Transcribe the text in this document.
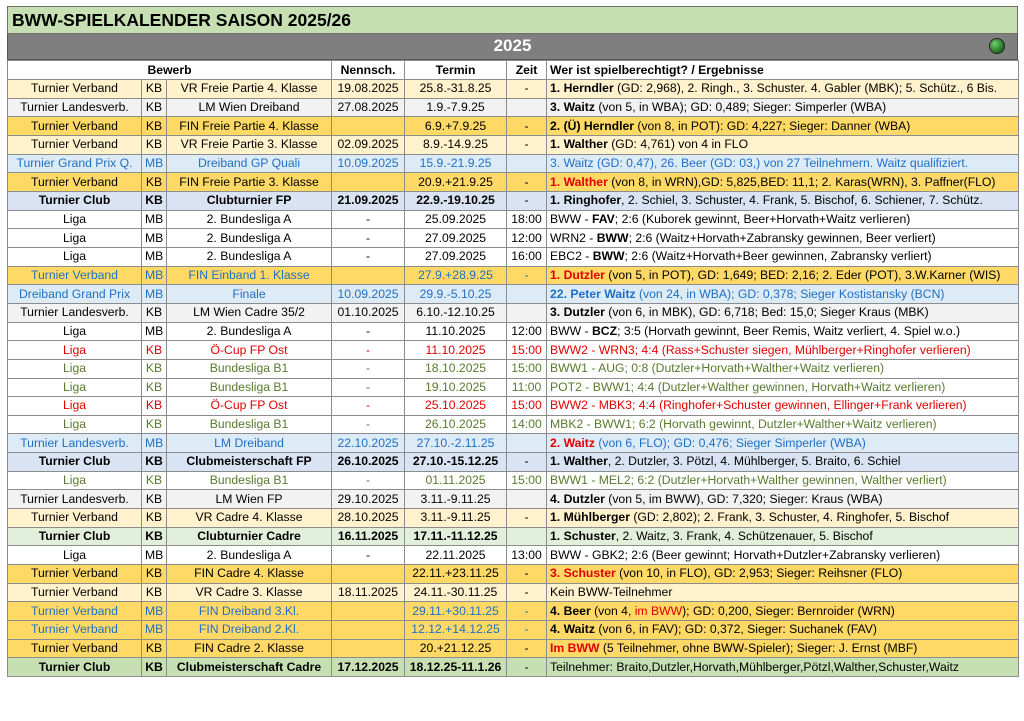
BWW-SPIELKALENDER SAISON 2025/26
2025
Bewerb			Nennsch.	Termin	Zeit	Wer ist spielberechtigt? / Ergebnisse
Turnier Verband	KB	VR Freie Partie 4. Klasse	19.08.2025	25.8.-31.8.25	-	1. Herndler (GD: 2,968), 2. Ringh., 3. Schuster. 4. Gabler (MBK); 5. Schütz., 6 Bis.
Turnier Landesverb.	KB	LM Wien Dreiband	27.08.2025	1.9.-7.9.25		3. Waitz (von 5, in WBA); GD: 0,489; Sieger: Simperler (WBA)
Turnier Verband	KB	FIN Freie Partie 4. Klasse		6.9.+7.9.25	-	2. (Ü) Herndler (von 8, in POT): GD: 4,227; Sieger: Danner (WBA)
Turnier Verband	KB	VR Freie Partie 3. Klasse	02.09.2025	8.9.-14.9.25	-	1. Walther (GD: 4,761) von 4 in FLO
Turnier Grand Prix Q.	MB	Dreiband GP Quali	10.09.2025	15.9.-21.9.25		3. Waitz (GD: 0,47), 26. Beer (GD: 03,) von 27 Teilnehmern. Waitz qualifiziert.
Turnier Verband	KB	FIN Freie Partie 3. Klasse		20.9.+21.9.25	-	1. Walther (von 8, in WRN),GD: 5,825,BED: 11,1; 2. Karas(WRN), 3. Paffner(FLO)
Turnier Club	KB	Clubturnier FP	21.09.2025	22.9.-19.10.25	-	1. Ringhofer, 2. Schiel, 3. Schuster, 4. Frank, 5. Bischof, 6. Schiener, 7. Schütz.
Liga	MB	2. Bundesliga A	-	25.09.2025	18:00	BWW - FAV; 2:6 (Kuborek gewinnt, Beer+Horvath+Waitz verlieren)
Liga	MB	2. Bundesliga A	-	27.09.2025	12:00	WRN2 - BWW; 2:6 (Waitz+Horvath+Zabransky gewinnen, Beer verliert)
Liga	MB	2. Bundesliga A	-	27.09.2025	16:00	EBC2 - BWW; 2:6 (Waitz+Horvath+Beer gewinnen, Zabransky verliert)
Turnier Verband	MB	FIN Einband 1. Klasse		27.9.+28.9.25	-	1. Dutzler (von 5, in POT), GD: 1,649; BED: 2,16; 2. Eder (POT), 3.W.Karner (WIS)
Dreiband Grand Prix	MB	Finale	10.09.2025	29.9.-5.10.25		22. Peter Waitz (von 24, in WBA); GD: 0,378; Sieger Kostistansky (BCN)
Turnier Landesverb.	KB	LM Wien Cadre 35/2	01.10.2025	6.10.-12.10.25		3. Dutzler (von 6, in MBK), GD: 6,718; Bed: 15,0; Sieger Kraus (MBK)
Liga	MB	2. Bundesliga A	-	11.10.2025	12:00	BWW - BCZ; 3:5 (Horvath gewinnt, Beer Remis, Waitz verliert, 4. Spiel w.o.)
Liga	KB	Ö-Cup FP Ost	-	11.10.2025	15:00	BWW2 - WRN3; 4:4 (Rass+Schuster siegen, Mühlberger+Ringhofer verlieren)
Liga	KB	Bundesliga B1	-	18.10.2025	15:00	BWW1 - AUG; 0:8 (Dutzler+Horvath+Walther+Waitz verlieren)
Liga	KB	Bundesliga B1	-	19.10.2025	11:00	POT2 - BWW1; 4:4 (Dutzler+Walther gewinnen, Horvath+Waitz verlieren)
Liga	KB	Ö-Cup FP Ost	-	25.10.2025	15:00	BWW2 - MBK3; 4:4 (Ringhofer+Schuster gewinnen, Ellinger+Frank verlieren)
Liga	KB	Bundesliga B1	-	26.10.2025	14:00	MBK2 - BWW1; 6:2 (Horvath gewinnt, Dutzler+Walther+Waitz verlieren)
Turnier Landesverb.	MB	LM Dreiband	22.10.2025	27.10.-2.11.25		2. Waitz (von 6, FLO); GD: 0,476; Sieger Simperler (WBA)
Turnier Club	KB	Clubmeisterschaft FP	26.10.2025	27.10.-15.12.25	-	1. Walther, 2. Dutzler, 3. Pötzl, 4. Mühlberger, 5. Braito, 6. Schiel
Liga	KB	Bundesliga B1	-	01.11.2025	15:00	BWW1 - MEL2; 6:2 (Dutzler+Horvath+Walther gewinnen, Walther verliert)
Turnier Landesverb.	KB	LM Wien FP	29.10.2025	3.11.-9.11.25		4. Dutzler (von 5, im BWW), GD: 7,320; Sieger: Kraus (WBA)
Turnier Verband	KB	VR Cadre 4. Klasse	28.10.2025	3.11.-9.11.25	-	1. Mühlberger (GD: 2,802); 2. Frank, 3. Schuster, 4. Ringhofer, 5. Bischof
Turnier Club	KB	Clubturnier Cadre	16.11.2025	17.11.-11.12.25		1. Schuster, 2. Waitz, 3. Frank, 4. Schützenauer, 5. Bischof
Liga	MB	2. Bundesliga A	-	22.11.2025	13:00	BWW - GBK2; 2:6 (Beer gewinnt; Horvath+Dutzler+Zabransky verlieren)
Turnier Verband	KB	FIN Cadre 4. Klasse		22.11.+23.11.25	-	3. Schuster (von 10, in FLO), GD: 2,953; Sieger: Reihsner (FLO)
Turnier Verband	KB	VR Cadre 3. Klasse	18.11.2025	24.11.-30.11.25	-	Kein BWW-Teilnehmer
Turnier Verband	MB	FIN Dreiband 3.Kl.		29.11.+30.11.25	-	4. Beer (von 4, im BWW); GD: 0,200, Sieger: Bernroider (WRN)
Turnier Verband	MB	FIN Dreiband 2.Kl.		12.12.+14.12.25	-	4. Waitz (von 6, in FAV); GD: 0,372, Sieger: Suchanek (FAV)
Turnier Verband	KB	FIN Cadre 2. Klasse		20.+21.12.25	-	Im BWW (5 Teilnehmer, ohne BWW-Spieler); Sieger: J. Ernst (MBF)
Turnier Club	KB	Clubmeisterschaft Cadre	17.12.2025	18.12.25-11.1.26	-	Teilnehmer: Braito,Dutzler,Horvath,Mühlberger,Pötzl,Walther,Schuster,Waitz
